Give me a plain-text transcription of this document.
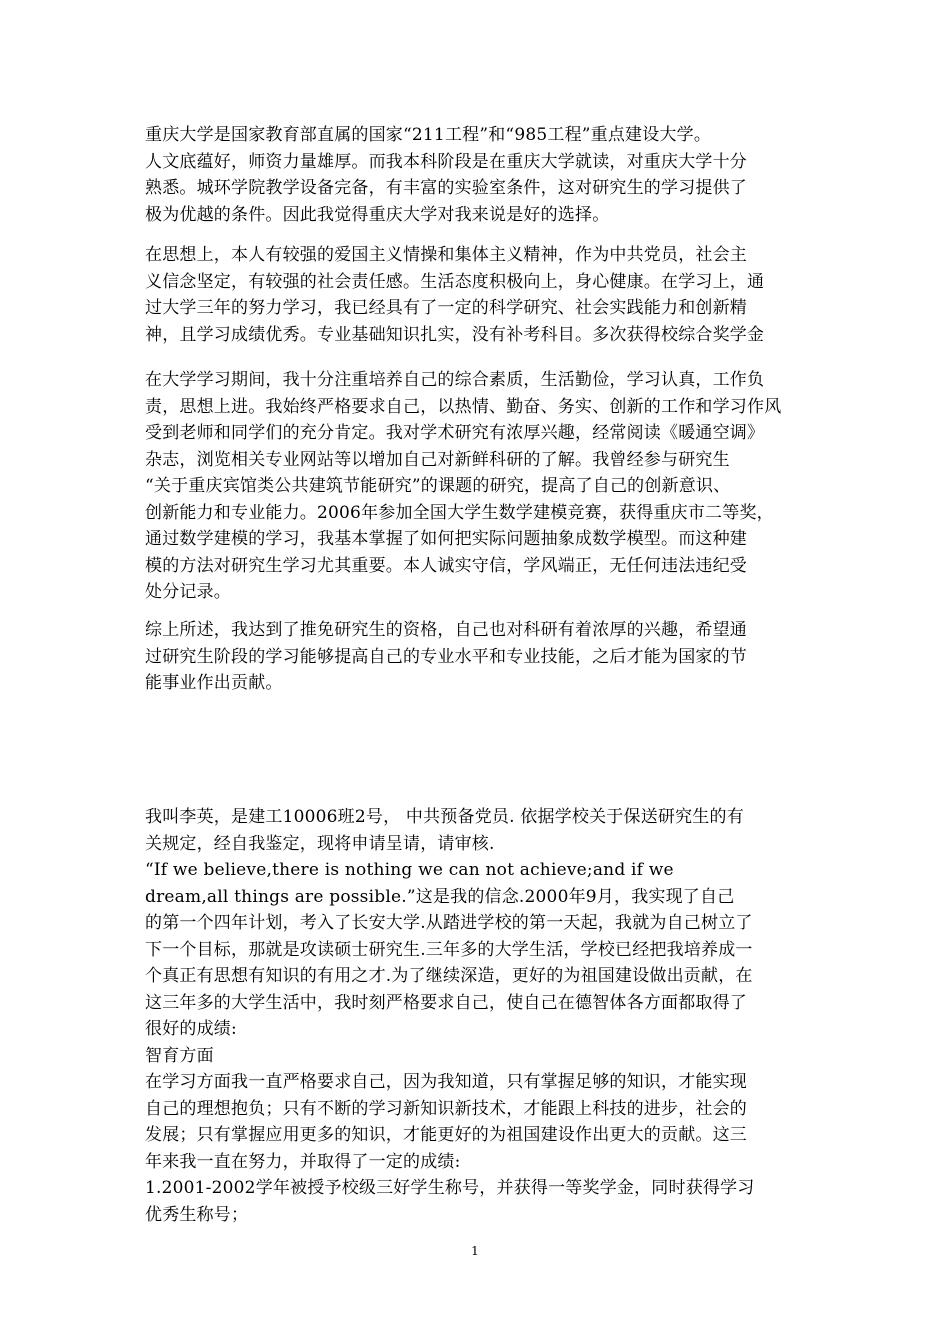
重庆大学是国家教育部直属的国家“211工程”和“985工程”重点建设大学。

人文底蕴好，师资力量雄厚。而我本科阶段是在重庆大学就读，对重庆大学十分

熟悉。城环学院教学设备完备，有丰富的实验室条件，这对研究生的学习提供了

极为优越的条件。因此我觉得重庆大学对我来说是好的选择。

在思想上，本人有较强的爱国主义情操和集体主义精神，作为中共党员，社会主

义信念坚定，有较强的社会责任感。生活态度积极向上，身心健康。在学习上，通

过大学三年的努力学习，我已经具有了一定的科学研究、社会实践能力和创新精

神，且学习成绩优秀。专业基础知识扎实，没有补考科目。多次获得校综合奖学金

在大学学习期间，我十分注重培养自己的综合素质，生活勤俭，学习认真，工作负

责，思想上进。我始终严格要求自己，以热情、勤奋、务实、创新的工作和学习作风

受到老师和同学们的充分肯定。我对学术研究有浓厚兴趣，经常阅读《暖通空调》

杂志，浏览相关专业网站等以增加自己对新鲜科研的了解。我曾经参与研究生

“关于重庆宾馆类公共建筑节能研究”的课题的研究，提高了自己的创新意识、

创新能力和专业能力。2006年参加全国大学生数学建模竞赛，获得重庆市二等奖，

通过数学建模的学习，我基本掌握了如何把实际问题抽象成数学模型。而这种建

模的方法对研究生学习尤其重要。本人诚实守信，学风端正，无任何违法违纪受

处分记录。

综上所述，我达到了推免研究生的资格，自己也对科研有着浓厚的兴趣，希望通

过研究生阶段的学习能够提高自己的专业水平和专业技能，之后才能为国家的节

能事业作出贡献。

我叫李英，是建工10006班2号， 中共预备党员. 依据学校关于保送研究生的有

关规定，经自我鉴定，现将申请呈请，请审核.

“If we believe,there is nothing we can not achieve;and if we

dream,all things are possible.”这是我的信念.2000年9月，我实现了自己

的第一个四年计划，考入了长安大学.从踏进学校的第一天起，我就为自己树立了

下一个目标，那就是攻读硕士研究生.三年多的大学生活，学校已经把我培养成一

个真正有思想有知识的有用之才.为了继续深造，更好的为祖国建设做出贡献，在

这三年多的大学生活中，我时刻严格要求自己，使自己在德智体各方面都取得了

很好的成绩:

智育方面

在学习方面我一直严格要求自己，因为我知道，只有掌握足够的知识，才能实现

自己的理想抱负；只有不断的学习新知识新技术，才能跟上科技的进步，社会的

发展；只有掌握应用更多的知识，才能更好的为祖国建设作出更大的贡献。这三

年来我一直在努力，并取得了一定的成绩:

1.2001-2002学年被授予校级三好学生称号，并获得一等奖学金，同时获得学习

优秀生称号；

1
